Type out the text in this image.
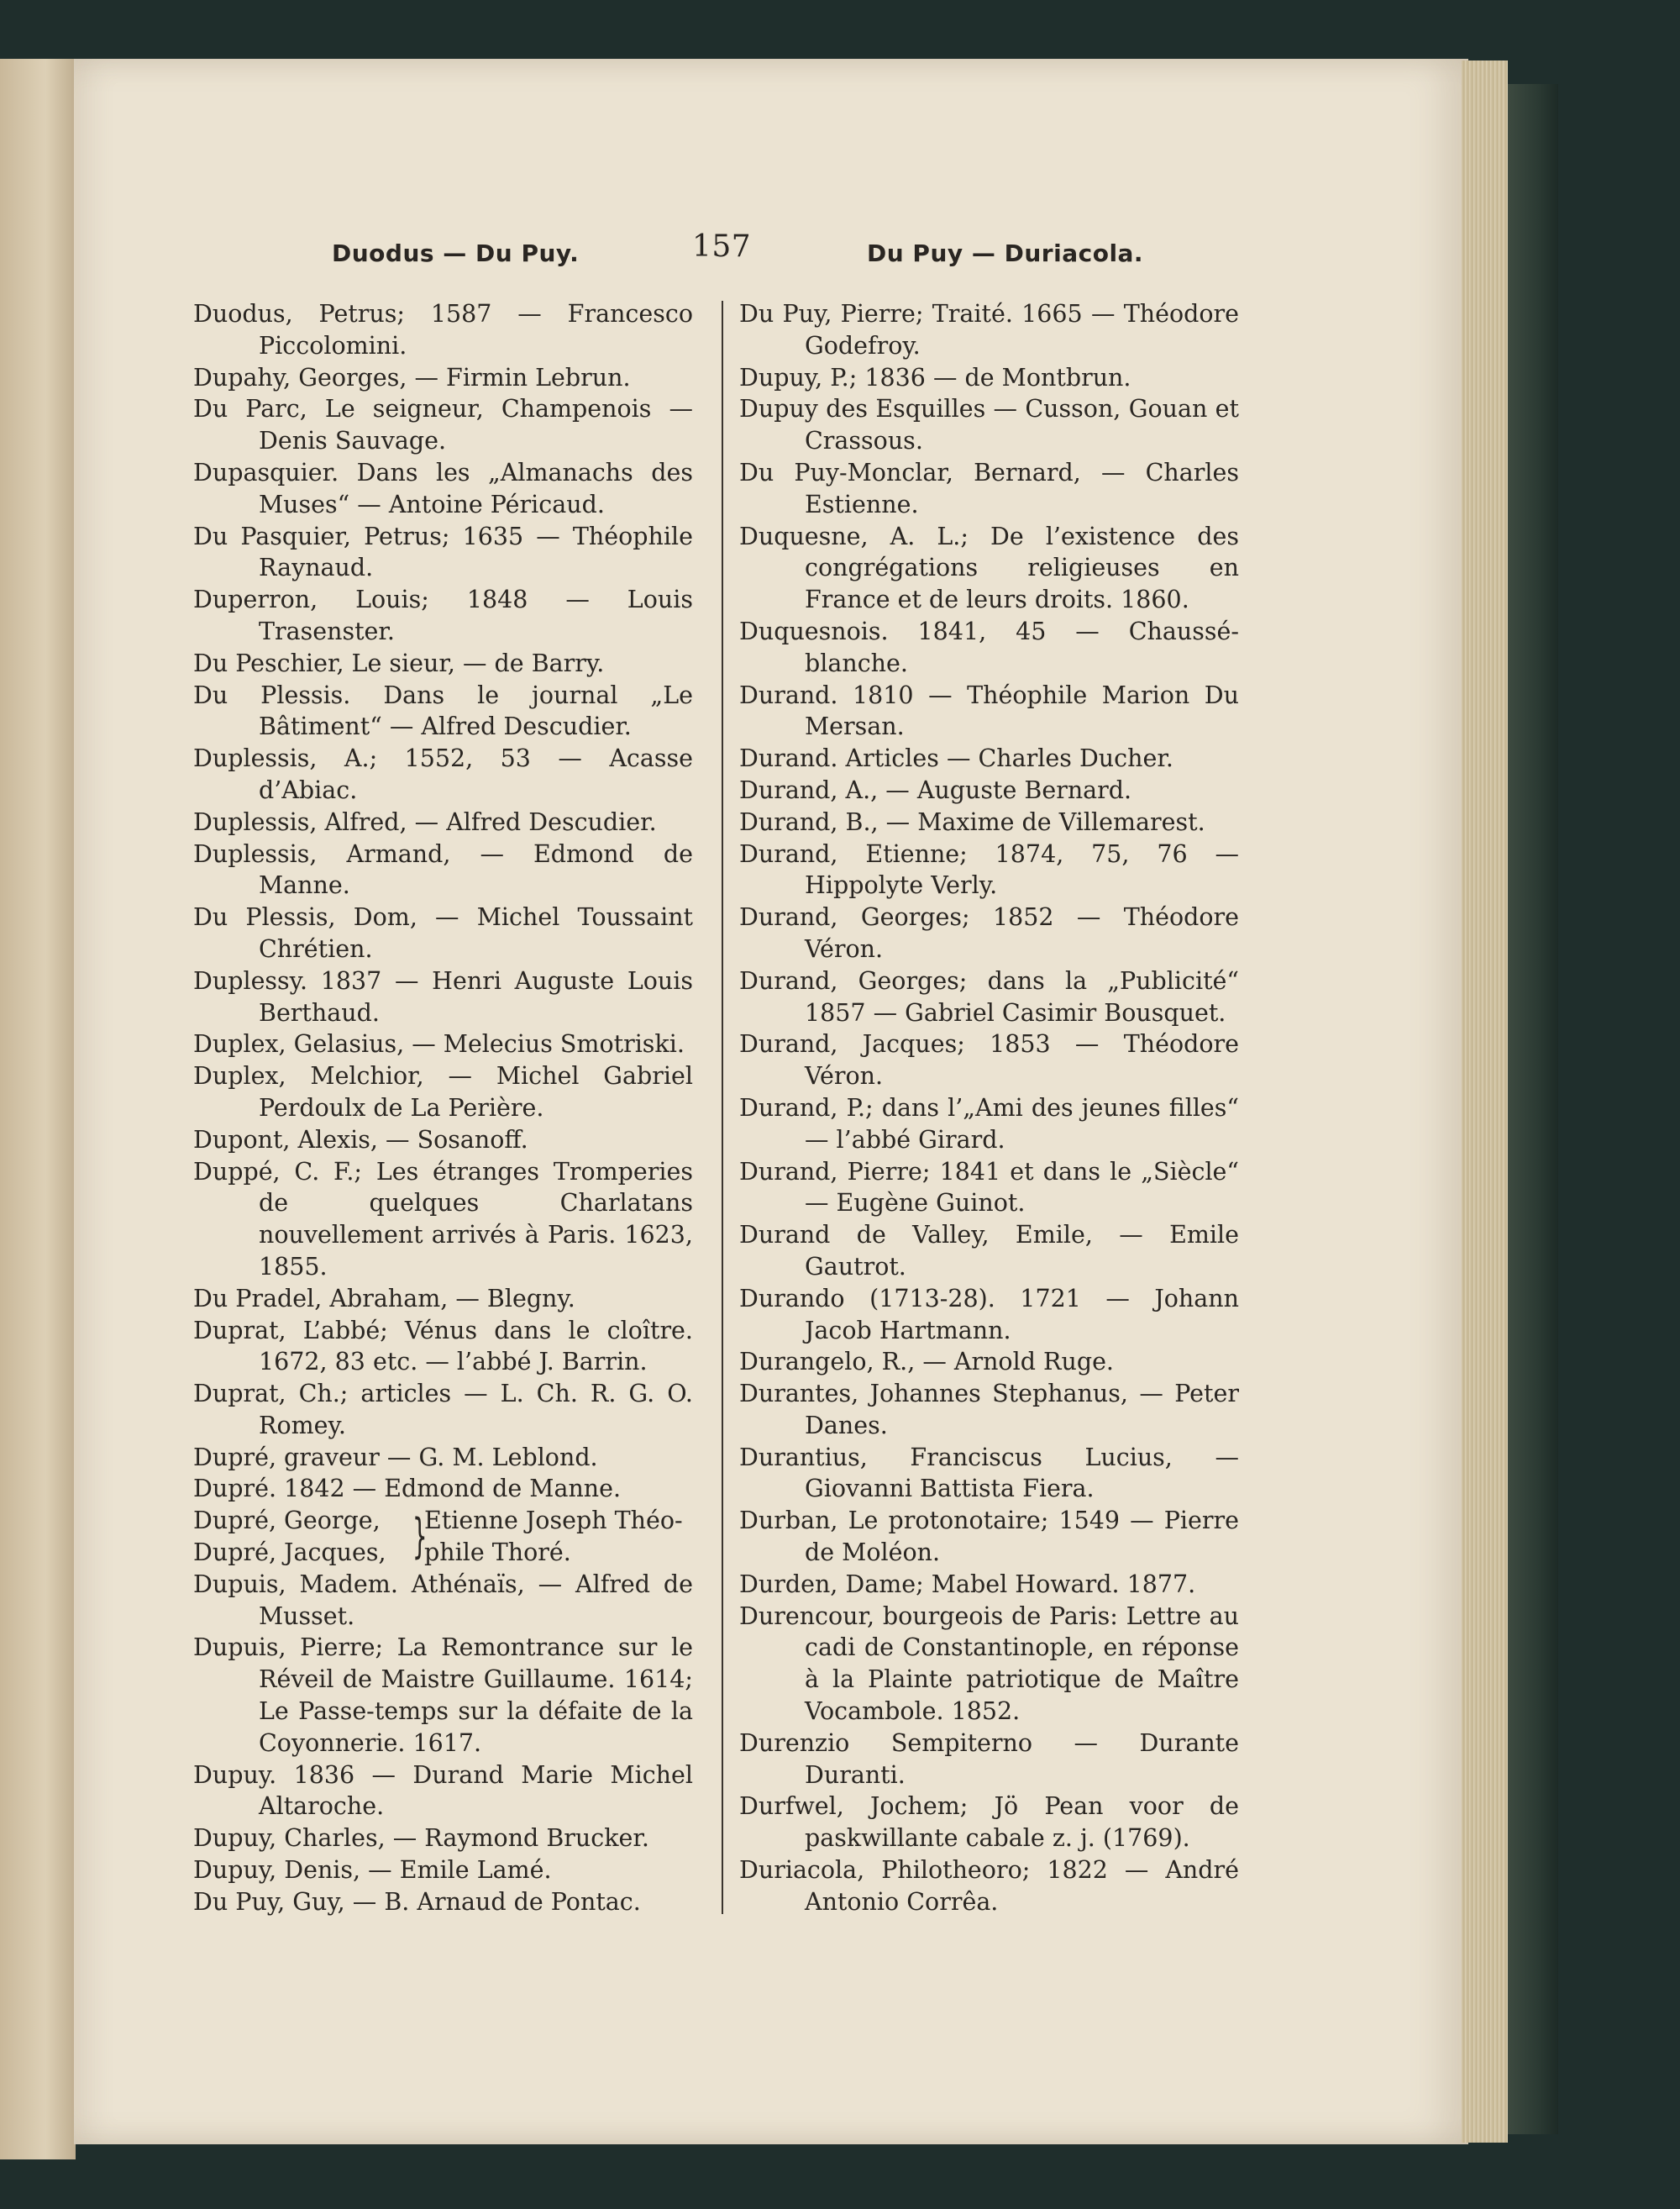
Duodus — Du Puy.	157	Du Puy — Duriacola.

Duodus, Petrus; 1587 — Francesco Piccolomini.

Dupahy, Georges, — Firmin Lebrun.

Du Parc, Le seigneur, Champenois — Denis Sauvage.

Dupasquier. Dans les „Almanachs des Muses“ — Antoine Péricaud.

Du Pasquier, Petrus; 1635 — Théophile Raynaud.

Duperron, Louis; 1848 — Louis Trasenster.

Du Peschier, Le sieur, — de Barry.

Du Plessis. Dans le journal „Le Bâtiment“ — Alfred Descudier.

Duplessis, A.; 1552, 53 — Acasse d’Abiac.

Duplessis, Alfred, — Alfred Descudier.

Duplessis, Armand, — Edmond de Manne.

Du Plessis, Dom, — Michel Toussaint Chrétien.

Duplessy. 1837 — Henri Auguste Louis Berthaud.

Duplex, Gelasius, — Melecius Smotriski.

Duplex, Melchior, — Michel Gabriel Perdoulx de La Perière.

Dupont, Alexis, — Sosanoff.

Duppé, C. F.; Les étranges Tromperies de quelques Charlatans nouvellement arrivés à Paris. 1623, 1855.

Du Pradel, Abraham, — Blegny.

Duprat, L’abbé; Vénus dans le cloître. 1672, 83 etc. — l’abbé J. Barrin.

Duprat, Ch.; articles — L. Ch. R. G. O. Romey.

Dupré, graveur — G. M. Leblond.

Dupré. 1842 — Edmond de Manne.

Dupré, George,
Dupré, Jacques, }
Etienne Joseph Théo-
phile Thoré.

Dupuis, Madem. Athénaïs, — Alfred de Musset.

Dupuis, Pierre; La Remontrance sur le Réveil de Maistre Guillaume. 1614; Le Passe-temps sur la défaite de la Coyonnerie. 1617.

Dupuy. 1836 — Durand Marie Michel Altaroche.

Dupuy, Charles, — Raymond Brucker.

Dupuy, Denis, — Emile Lamé.

Du Puy, Guy, — B. Arnaud de Pontac.

Du Puy, Pierre; Traité. 1665 — Théodore Godefroy.

Dupuy, P.; 1836 — de Montbrun.

Dupuy des Esquilles — Cusson, Gouan et Crassous.

Du Puy-Monclar, Bernard, — Charles Estienne.

Duquesne, A. L.; De l’existence des congrégations religieuses en France et de leurs droits. 1860.

Duquesnois. 1841, 45 — Chaussé-blanche.

Durand. 1810 — Théophile Marion Du Mersan.

Durand. Articles — Charles Ducher.

Durand, A., — Auguste Bernard.

Durand, B., — Maxime de Villemarest.

Durand, Etienne; 1874, 75, 76 — Hippolyte Verly.

Durand, Georges; 1852 — Théodore Véron.

Durand, Georges; dans la „Publicité“ 1857 — Gabriel Casimir Bousquet.

Durand, Jacques; 1853 — Théodore Véron.

Durand, P.; dans l’„Ami des jeunes filles“ — l’abbé Girard.

Durand, Pierre; 1841 et dans le „Siècle“ — Eugène Guinot.

Durand de Valley, Emile, — Emile Gautrot.

Durando (1713-28). 1721 — Johann Jacob Hartmann.

Durangelo, R., — Arnold Ruge.

Durantes, Johannes Stephanus, — Peter Danes.

Durantius, Franciscus Lucius, — Giovanni Battista Fiera.

Durban, Le protonotaire; 1549 — Pierre de Moléon.

Durden, Dame; Mabel Howard. 1877.

Durencour, bourgeois de Paris: Lettre au cadi de Constantinople, en réponse à la Plainte patriotique de Maître Vocambole. 1852.

Durenzio Sempiterno — Durante Duranti.

Durfwel, Jochem; Jö Pean voor de paskwillante cabale z. j. (1769).

Duriacola, Philotheoro; 1822 — André Antonio Corrêa.
